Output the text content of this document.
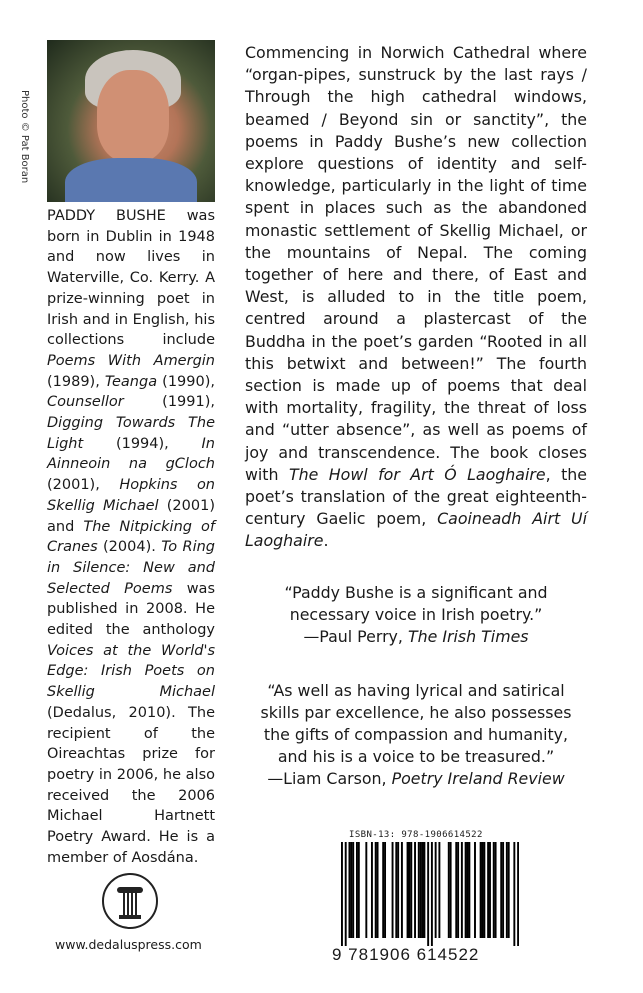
Photo © Pat Boran
PADDY BUSHE was born in Dublin in 1948 and now lives in Waterville, Co. Kerry. A prize-winning poet in Irish and in English, his collections include Poems With Amergin (1989), Teanga (1990), Counsellor (1991), Digging Towards The Light (1994), In Ainneoin na gCloch (2001), Hopkins on Skellig Michael (2001) and The Nitpicking of Cranes (2004). To Ring in Silence: New and Selected Poems was published in 2008. He edited the anthology Voices at the World's Edge: Irish Poets on Skellig Michael (Dedalus, 2010). The recipient of the Oireachtas prize for poetry in 2006, he also received the 2006 Michael Hartnett Poetry Award. He is a member of Aosdána.
www.dedaluspress.com
Commencing in Norwich Cathedral where “organ-pipes, sunstruck by the last rays / Through the high cathedral windows, beamed / Beyond sin or sanctity”, the poems in Paddy Bushe’s new collection explore questions of identity and self-knowledge, particularly in the light of time spent in places such as the abandoned monastic settlement of Skellig Michael, or the mountains of Nepal. The coming together of here and there, of East and West, is alluded to in the title poem, centred around a plastercast of the Buddha in the poet’s garden “Rooted in all this betwixt and between!” The fourth section is made up of poems that deal with mortality, fragility, the threat of loss and “utter absence”, as well as poems of joy and transcendence. The book closes with The Howl for Art Ó Laoghaire, the poet’s translation of the great eighteenth-century Gaelic poem, Caoineadh Airt Uí Laoghaire.
“Paddy Bushe is a significant and
necessary voice in Irish poetry.”
—Paul Perry, The Irish Times
“As well as having lyrical and satirical
skills par excellence, he also possesses
the gifts of compassion and humanity,
and his is a voice to be treasured.”
—Liam Carson, Poetry Ireland Review
ISBN-13: 978-1906614522
9 781906 614522
